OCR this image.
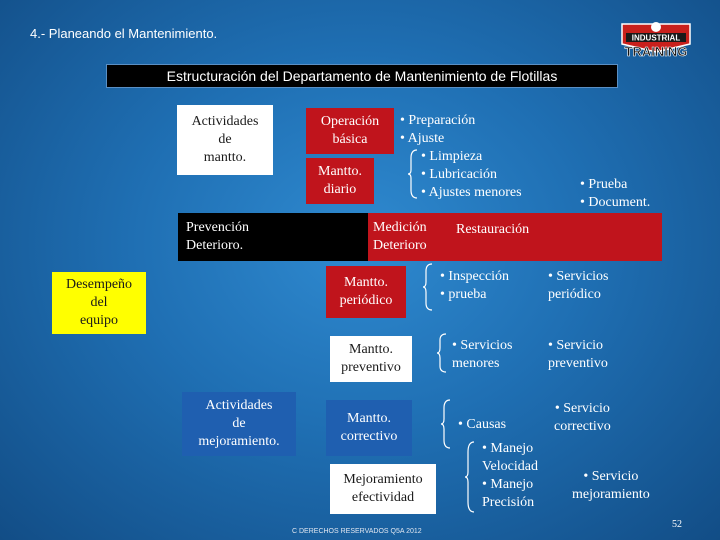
4.- Planeando el Mantenimiento.	INDUSTRIAL
TRAINING
Estructuración del Departamento de Mantenimiento de Flotillas
Actividades
de
mantto.
Operación
básica
Mantto.
diario
• Preparación
• Ajuste
• Limpieza
• Lubricación
• Ajustes menores
• Prueba
• Document.
Prevención
Deterioro.
Medición
Deterioro
Restauración
Desempeño
del
equipo
Mantto.
periódico
• Inspección
• prueba
• Servicios
periódico
Mantto.
preventivo
• Servicios
menores
• Servicio
preventivo
Actividades
de
mejoramiento.
Mantto.
correctivo
• Causas
• Servicio
correctivo
Mejoramiento
efectividad
• Manejo
Velocidad
• Manejo
Precisión
• Servicio
mejoramiento
C DERECHOS RESERVADOS Q5A 2012
52
